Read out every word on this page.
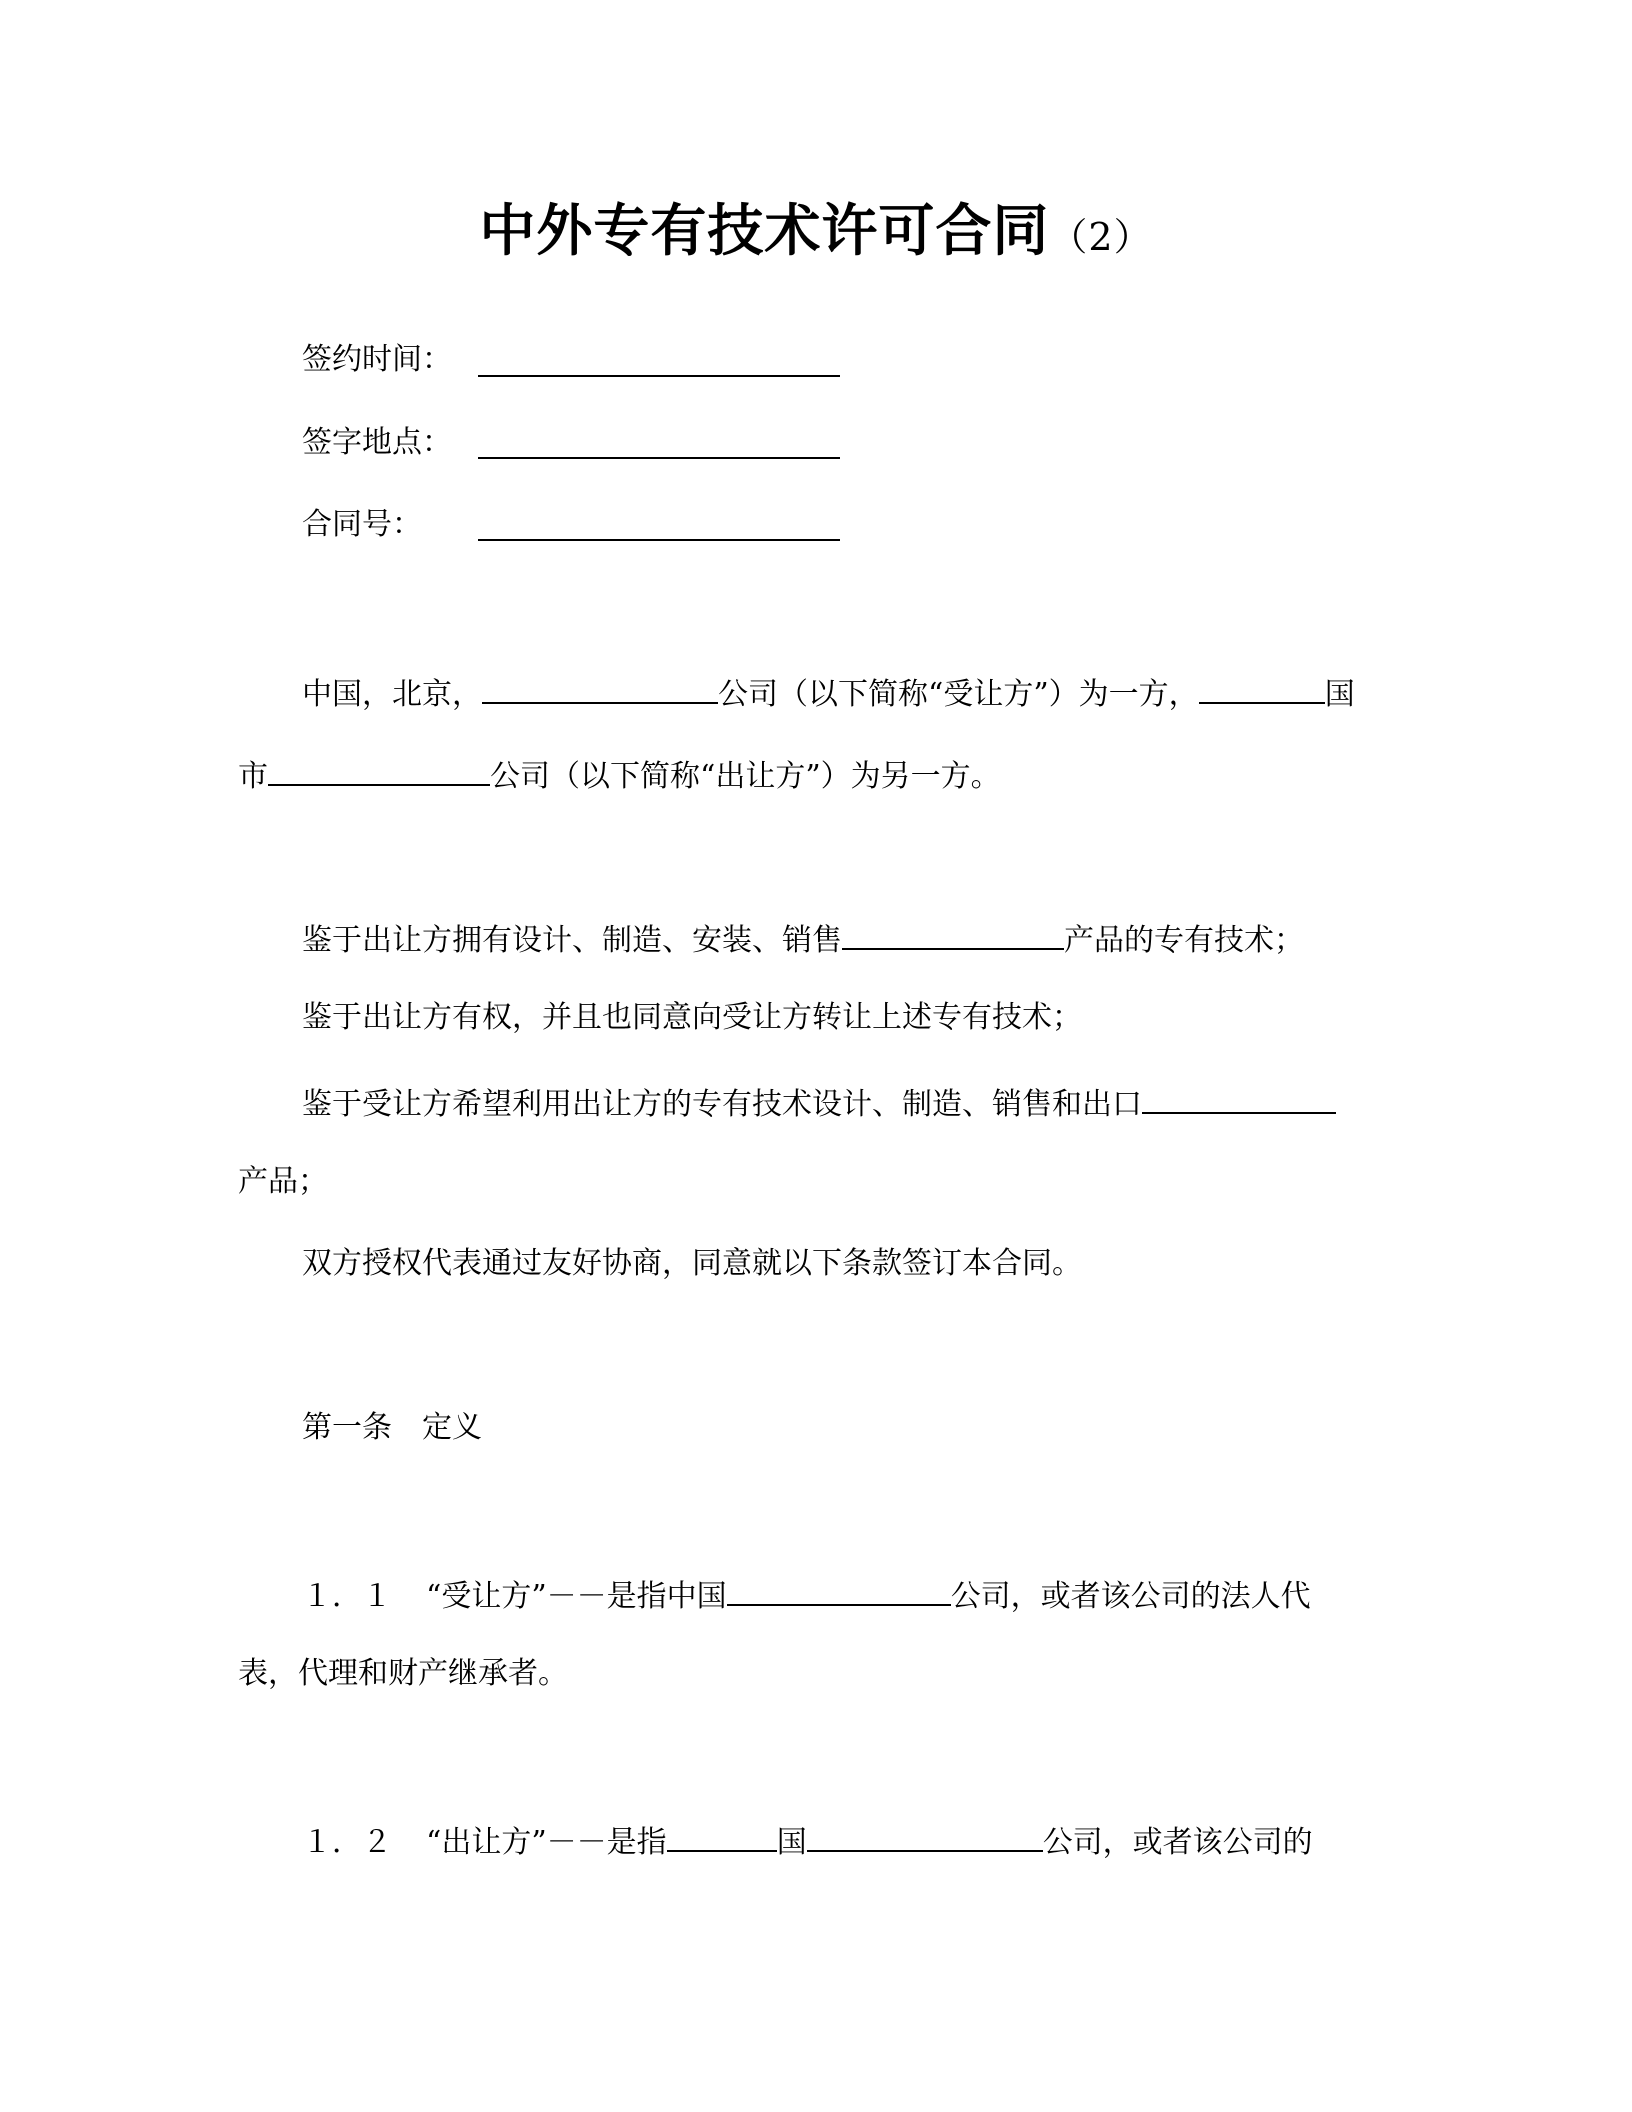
中外专有技术许可合同（2）
签约时间：
签字地点：
合同号：
中国，北京，	公司（以下简称“受让方”）为一方，	国
市	公司（以下简称“出让方”）为另一方。
鉴于出让方拥有设计、制造、安装、销售	产品的专有技术；
鉴于出让方有权，并且也同意向受让方转让上述专有技术；
鉴于受让方希望利用出让方的专有技术设计、制造、销售和出口
产品；
双方授权代表通过友好协商，同意就以下条款签订本合同。
第一条　定义
１．１ “受让方”－－是指中国	公司，或者该公司的法人代
表，代理和财产继承者。
１．２ “出让方”－－是指	国	公司，或者该公司的
